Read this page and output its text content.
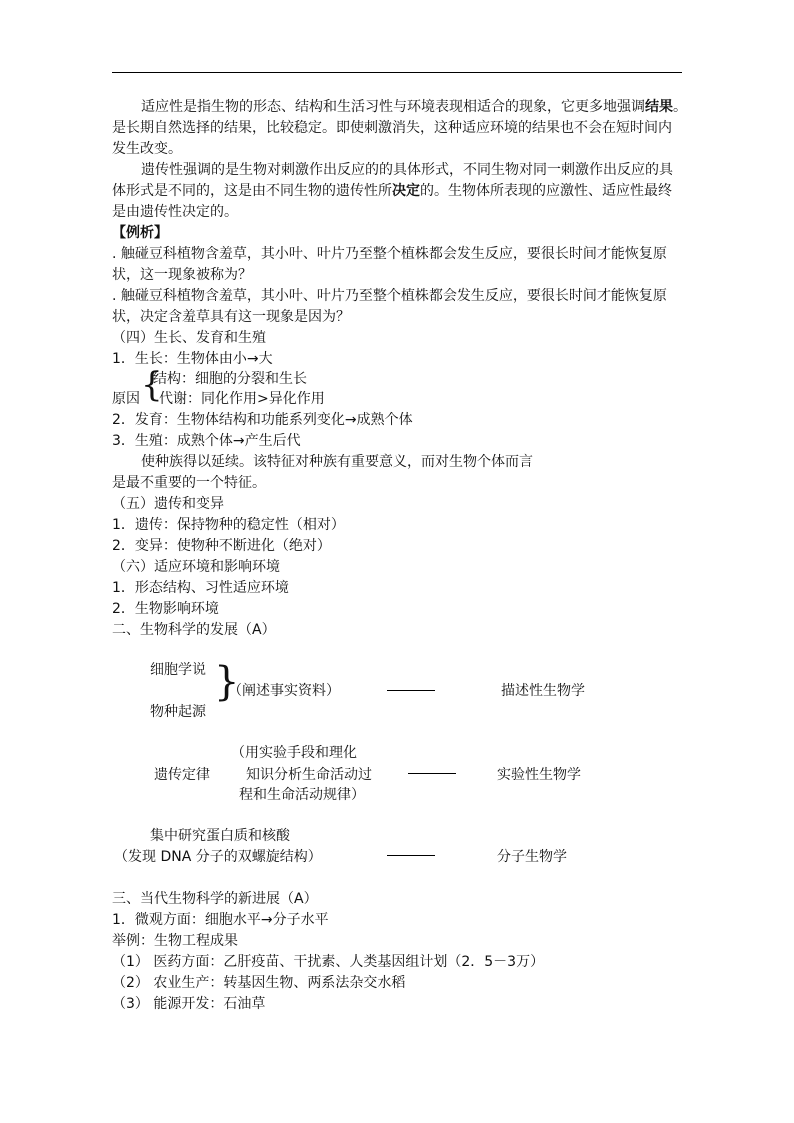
适应性是指生物的形态、结构和生活习性与环境表现相适合的现象，它更多地强调结果。
是长期自然选择的结果，比较稳定。即使刺激消失，这种适应环境的结果也不会在短时间内
发生改变。
遗传性强调的是生物对刺激作出反应的的具体形式，不同生物对同一刺激作出反应的具
体形式是不同的，这是由不同生物的遗传性所决定的。生物体所表现的应激性、适应性最终
是由遗传性决定的。
【例析】
. 触碰豆科植物含羞草，其小叶、叶片乃至整个植株都会发生反应，要很长时间才能恢复原
状，这一现象被称为？
. 触碰豆科植物含羞草，其小叶、叶片乃至整个植株都会发生反应，要很长时间才能恢复原
状，决定含羞草具有这一现象是因为？
（四）生长、发育和生殖
1．生长：生物体由小→大
结构：细胞的分裂和生长
{
原因 代谢：同化作用>异化作用
2．发育：生物体结构和功能系列变化→成熟个体
3．生殖：成熟个体→产生后代
使种族得以延续。该特征对种族有重要意义，而对生物个体而言
是最不重要的一个特征。
（五）遗传和变异
1．遗传：保持物种的稳定性（相对）
2．变异：使物种不断进化（绝对）
（六）适应环境和影响环境
1．形态结构、习性适应环境
2．生物影响环境
二、生物科学的发展（A）
细胞学说
物种起源
}
（阐述事实资料）	描述性生物学
（用实验手段和理化
遗传定律	知识分析生命活动过
程和生命活动规律）
实验性生物学
集中研究蛋白质和核酸
（发现 DNA 分子的双螺旋结构）	分子生物学
三、当代生物科学的新进展（A）
1．微观方面：细胞水平→分子水平
举例：生物工程成果
（1） 医药方面：乙肝疫苗、干扰素、人类基因组计划（2．5－3万）
（2） 农业生产：转基因生物、两系法杂交水稻
（3） 能源开发：石油草
